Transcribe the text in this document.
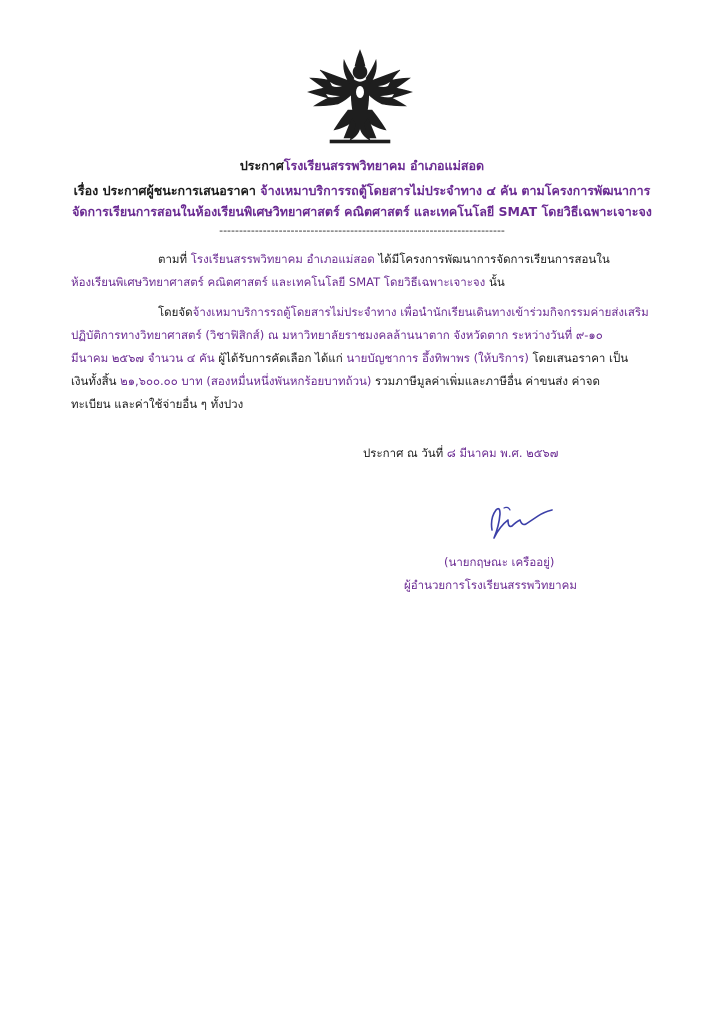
ประกาศโรงเรียนสรรพวิทยาคม อำเภอแม่สอด
เรื่อง ประกาศผู้ชนะการเสนอราคา จ้างเหมาบริการรถตู้โดยสารไม่ประจำทาง ๔ คัน ตามโครงการพัฒนาการ
จัดการเรียนการสอนในห้องเรียนพิเศษวิทยาศาสตร์ คณิตศาสตร์ และเทคโนโลยี SMAT โดยวิธีเฉพาะเจาะจง
------------------------------------------------------------------------
ตามที่ โรงเรียนสรรพวิทยาคม อำเภอแม่สอด ได้มีโครงการพัฒนาการจัดการเรียนการสอนใน
ห้องเรียนพิเศษวิทยาศาสตร์ คณิตศาสตร์ และเทคโนโลยี SMAT โดยวิธีเฉพาะเจาะจง นั้น
โดยจัดจ้างเหมาบริการรถตู้โดยสารไม่ประจำทาง เพื่อนำนักเรียนเดินทางเข้าร่วมกิจกรรมค่ายส่งเสริม
ปฏิบัติการทางวิทยาศาสตร์ (วิชาฟิสิกส์) ณ มหาวิทยาลัยราชมงคลล้านนาตาก จังหวัดตาก ระหว่างวันที่ ๙-๑๐
มีนาคม ๒๕๖๗ จำนวน ๔ คัน ผู้ได้รับการคัดเลือก ได้แก่ นายบัญชาการ อึ้งทิพาพร (ให้บริการ) โดยเสนอราคา เป็น
เงินทั้งสิ้น ๒๑,๖๐๐.๐๐ บาท (สองหมื่นหนึ่งพันหกร้อยบาทถ้วน) รวมภาษีมูลค่าเพิ่มและภาษีอื่น ค่าขนส่ง ค่าจด
ทะเบียน และค่าใช้จ่ายอื่น ๆ ทั้งปวง
ประกาศ ณ วันที่ ๘ มีนาคม พ.ศ. ๒๕๖๗
(นายกฤษณะ เครืออยู่)
ผู้อำนวยการโรงเรียนสรรพวิทยาคม
